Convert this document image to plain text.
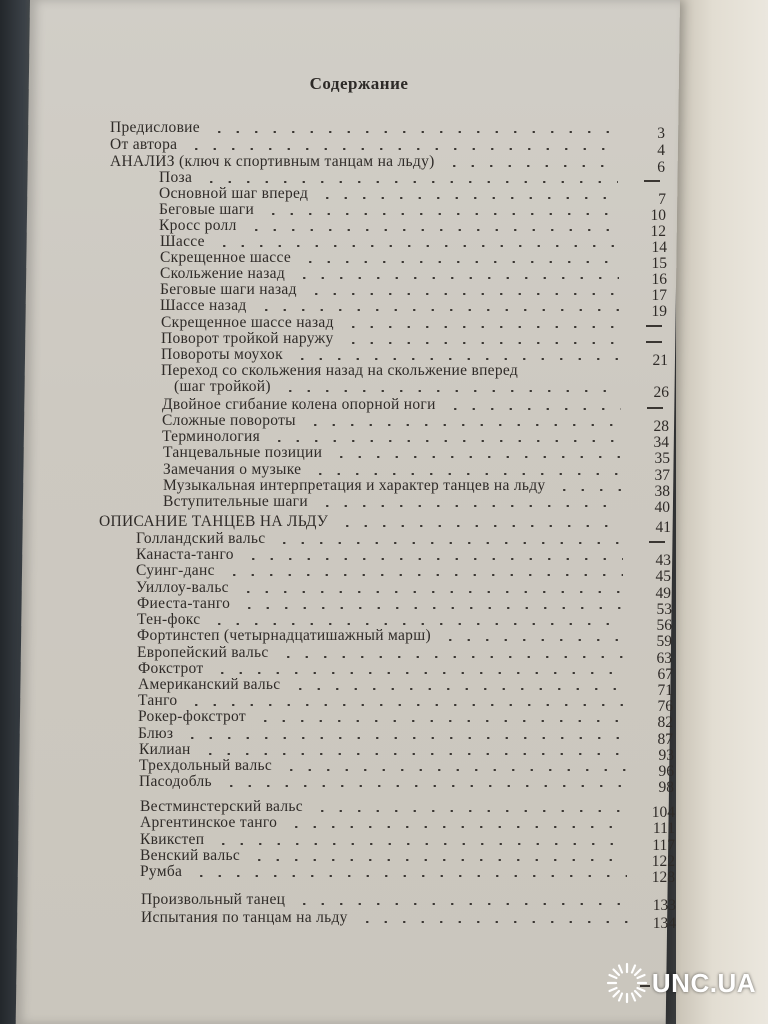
Содержание
Предисловие	3
От автора	4
АНАЛИЗ (ключ к спортивным танцам на льду)	6
Поза
Основной шаг вперед	7
Беговые шаги	10
Кросс ролл	12
Шассе	14
Скрещенное шассе	15
Скольжение назад	16
Беговые шаги назад	17
Шассе назад	19
Скрещенное шассе назад
Поворот тройкой наружу
Повороты моухок	21
Переход со скольжения назад на скольжение вперед
(шаг тройкой)	26
Двойное сгибание колена опорной ноги
Сложные повороты	28
Терминология	34
Танцевальные позиции	35
Замечания о музыке	37
Музыкальная интерпретация и характер танцев на льду	38
Вступительные шаги	40
ОПИСАНИЕ ТАНЦЕВ НА ЛЬДУ	41
Голландский вальс
Канаста-танго	43
Суинг-данс	45
Уиллоу-вальс	49
Фиеста-танго	53
Тен-фокс	56
Фортинстеп (четырнадцатишажный марш)	59
Европейский вальс	63
Фокстрот	67
Американский вальс	71
Танго	76
Рокер-фокстрот	82
Блюз	87
Килиан	93
Трехдольный вальс	96
Пасодобль	98
Вестминстерский вальс	104
Аргентинское танго	111
Квикстеп	117
Венский вальс	122
Румба	128
Произвольный танец	133
Испытания по танцам на льду	134
UNC.UA
